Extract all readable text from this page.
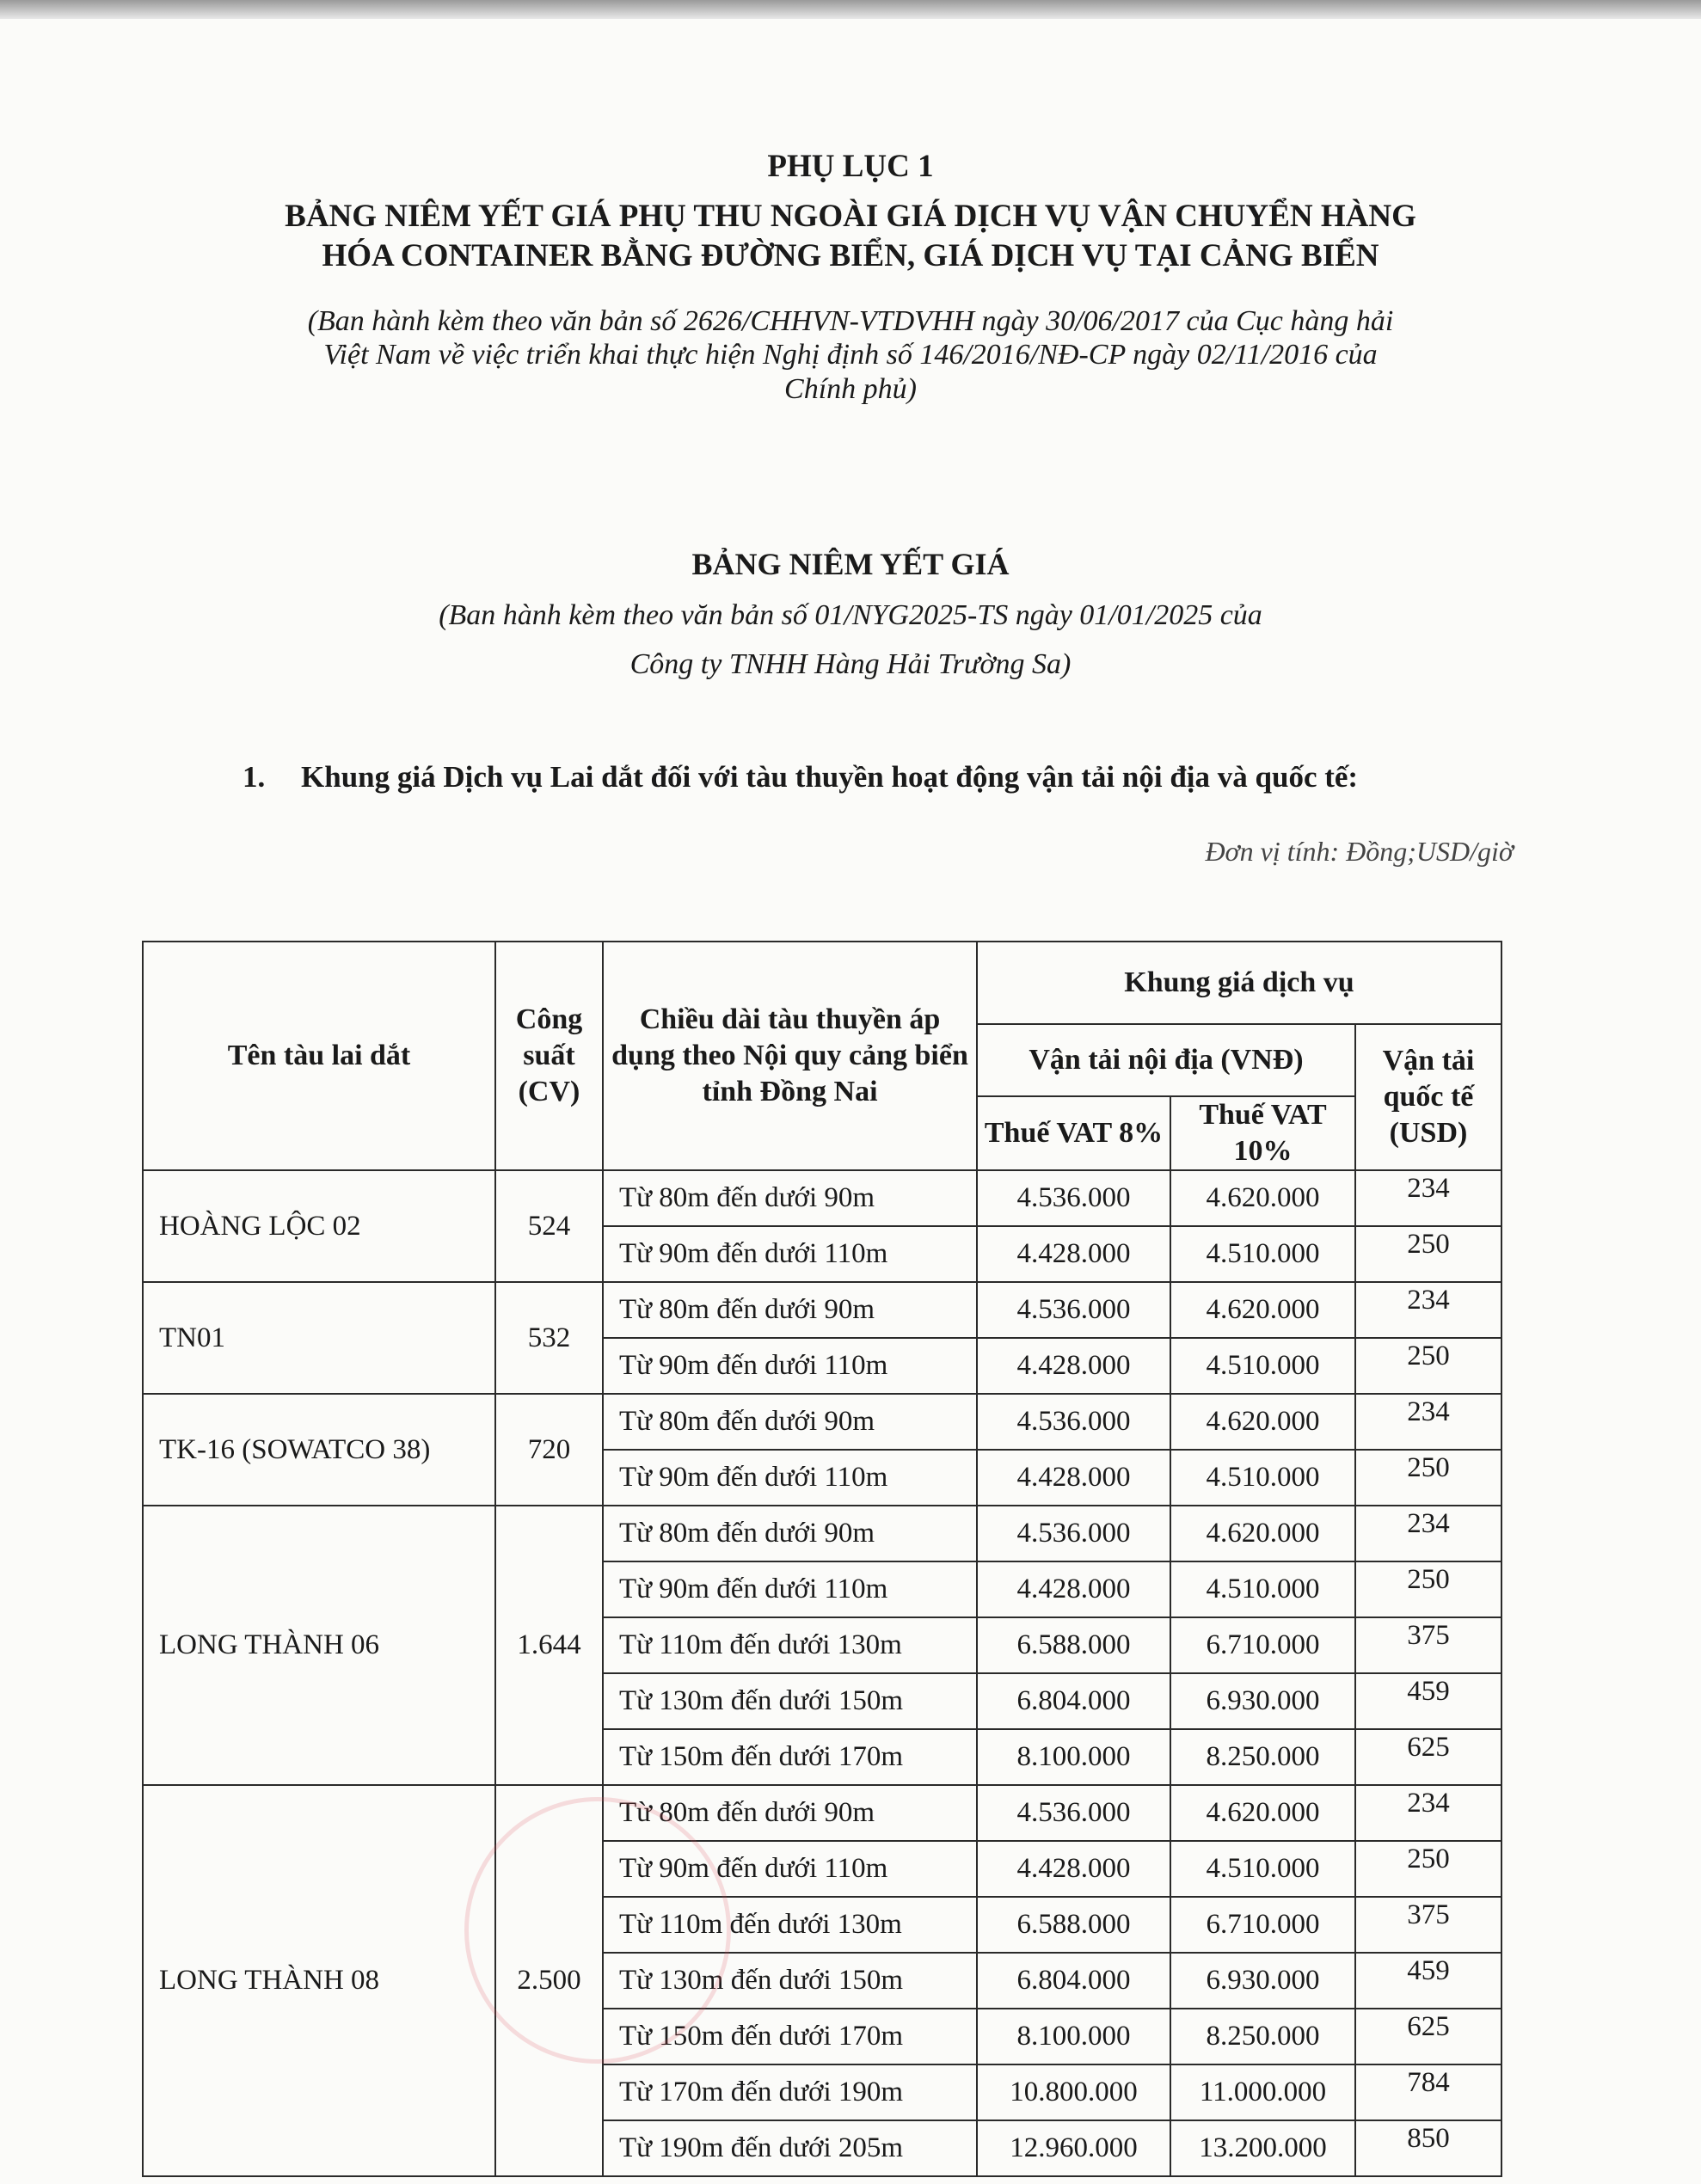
PHỤ LỤC 1
BẢNG NIÊM YẾT GIÁ PHỤ THU NGOÀI GIÁ DỊCH VỤ VẬN CHUYỂN HÀNG
HÓA CONTAINER BẰNG ĐƯỜNG BIỂN, GIÁ DỊCH VỤ TẠI CẢNG BIỂN
(Ban hành kèm theo văn bản số 2626/CHHVN-VTDVHH ngày 30/06/2017 của Cục hàng hải
Việt Nam về việc triển khai thực hiện Nghị định số 146/2016/NĐ-CP ngày 02/11/2016 của
Chính phủ)
BẢNG NIÊM YẾT GIÁ
(Ban hành kèm theo văn bản số 01/NYG2025-TS ngày 01/01/2025 của
Công ty TNHH Hàng Hải Trường Sa)
1. Khung giá Dịch vụ Lai dắt đối với tàu thuyền hoạt động vận tải nội địa và quốc tế:
Đơn vị tính: Đồng;USD/giờ
Tên tàu lai dắt	Công suất (CV)	Chiều dài tàu thuyền áp dụng theo Nội quy cảng biển tỉnh Đồng Nai	Khung giá dịch vụ		
			Vận tải nội địa (VNĐ)		Vận tải quốc tế (USD)
			Thuế VAT 8%	Thuế VAT 10%	
HOÀNG LỘC 02	524	Từ 80m đến dưới 90m	4.536.000	4.620.000	234
		Từ 90m đến dưới 110m	4.428.000	4.510.000	250
TN01	532	Từ 80m đến dưới 90m	4.536.000	4.620.000	234
		Từ 90m đến dưới 110m	4.428.000	4.510.000	250
TK-16 (SOWATCO 38)	720	Từ 80m đến dưới 90m	4.536.000	4.620.000	234
		Từ 90m đến dưới 110m	4.428.000	4.510.000	250
LONG THÀNH 06	1.644	Từ 80m đến dưới 90m	4.536.000	4.620.000	234
		Từ 90m đến dưới 110m	4.428.000	4.510.000	250
		Từ 110m đến dưới 130m	6.588.000	6.710.000	375
		Từ 130m đến dưới 150m	6.804.000	6.930.000	459
		Từ 150m đến dưới 170m	8.100.000	8.250.000	625
LONG THÀNH 08	2.500	Từ 80m đến dưới 90m	4.536.000	4.620.000	234
		Từ 90m đến dưới 110m	4.428.000	4.510.000	250
		Từ 110m đến dưới 130m	6.588.000	6.710.000	375
		Từ 130m đến dưới 150m	6.804.000	6.930.000	459
		Từ 150m đến dưới 170m	8.100.000	8.250.000	625
		Từ 170m đến dưới 190m	10.800.000	11.000.000	784
		Từ 190m đến dưới 205m	12.960.000	13.200.000	850
